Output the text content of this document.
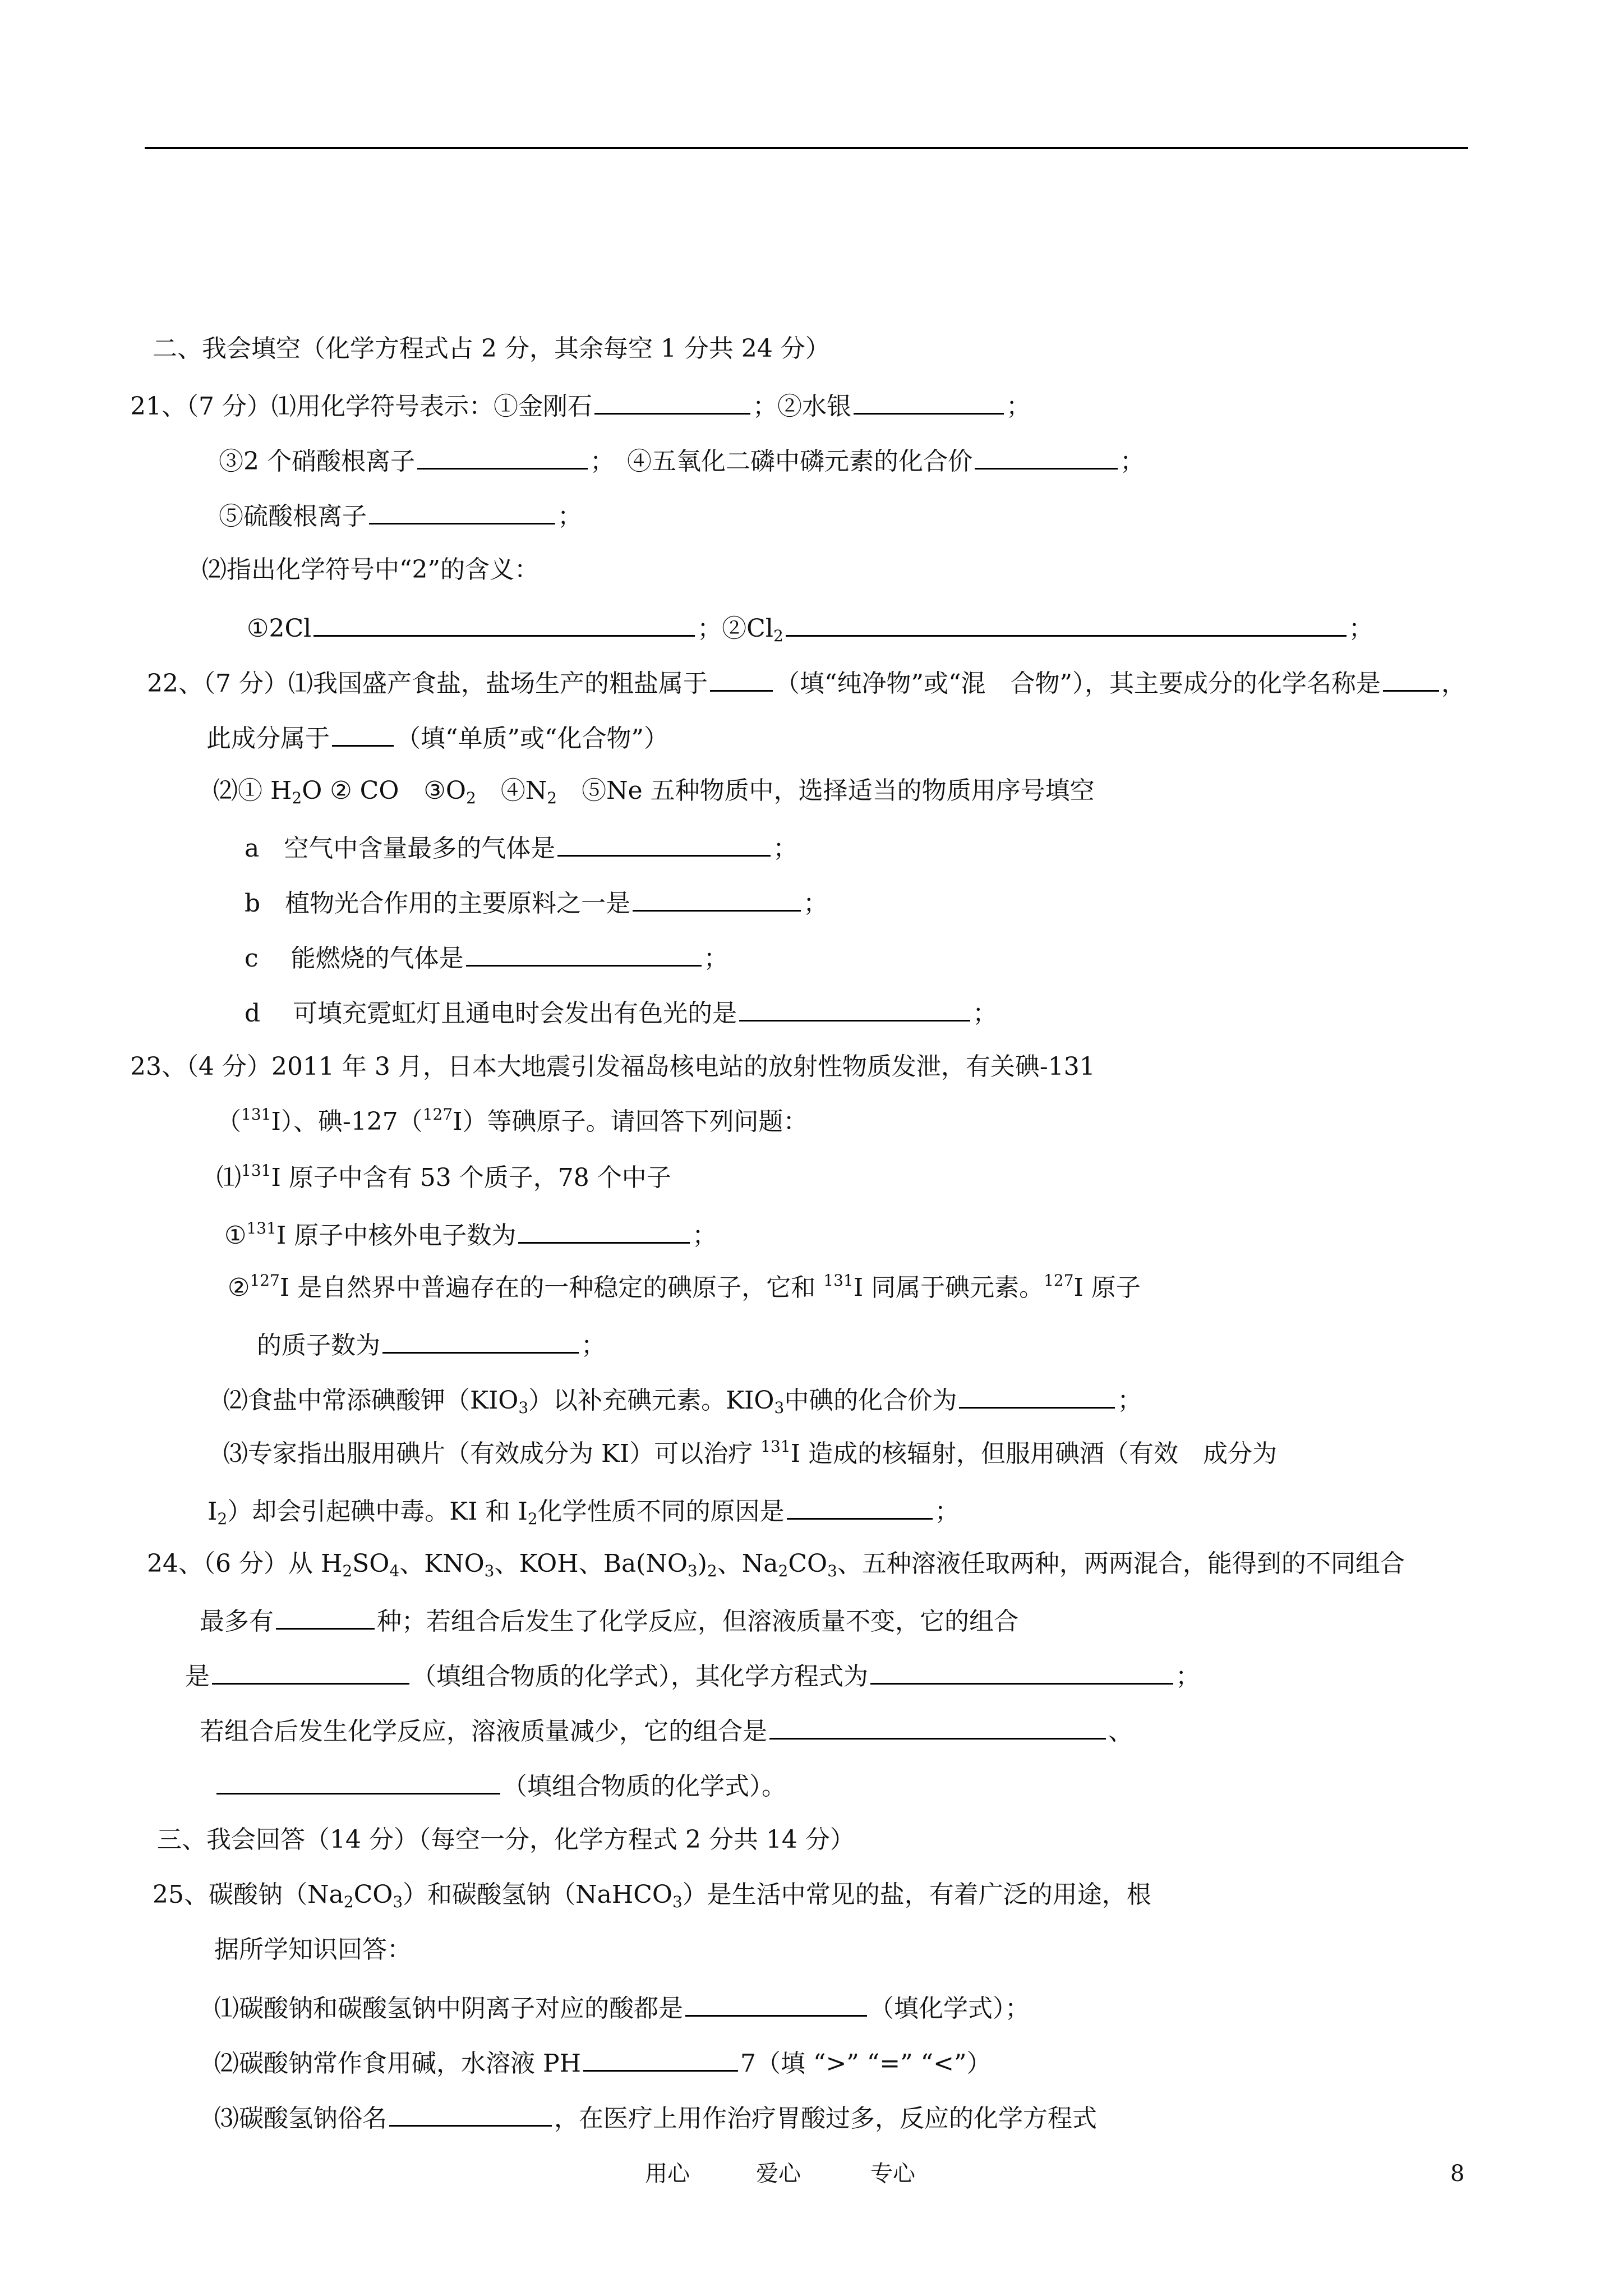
二、我会填空（化学方程式占 2 分，其余每空 1 分共 24 分）
21、（7 分）⑴用化学符号表示：①金刚石	；②水银	；
③2 个硝酸根离子	；　④五氧化二磷中磷元素的化合价	；
⑤硫酸根离子	；
⑵指出化学符号中“2”的含义：
①2Cl	；$②Cl_2$	；
22、（7 分）⑴我国盛产食盐，盐场生产的粗盐属于	（填“纯净物”或“混　合物”），其主要成分的化学名称是 ，
此成分属于	（填“单质”或“化合物”）
⑵① $H_2O$ ② CO　$③O_2$　$④N_2$　⑤Ne 五种物质中，选择适当的物质用序号填空
a　空气中含量最多的气体是	；
b　植物光合作用的主要原料之一是	；
c　 能燃烧的气体是	；
d　 可填充霓虹灯且通电时会发出有色光的是	；
23、（4 分）2011 年 3 月，日本大地震引发福岛核电站的放射性物质发泄，有关碘-131
（$^{131}$I）、碘-127（$^{127}$I）等碘原子。请回答下列问题：
⑴$^{131}$I 原子中含有 53 个质子，78 个中子
①$^{131}$I 原子中核外电子数为	；
②$^{127}$I 是自然界中普遍存在的一种稳定的碘原子，它和 $^{131}$I 同属于碘元素。$^{127}$I 原子
的质子数为	；
⑵食盐中常添碘酸钾$(KIO_3)$以补充碘元素。$KIO_3$中碘的化合价为	；
⑶专家指出服用碘片（有效成分为 KI）可以治疗 $^{131}$I 造成的核辐射，但服用碘酒（有效　成分为
$I_2$）却会引起碘中毒。KI 和 $I_2$化学性质不同的原因是	；
24、（6 分）从 $H_2SO_4$、$KNO_3$、KOH、$Ba(NO_3)_2$、$Na_2CO_3$、五种溶液任取两种，两两混合，能得到的不同组合
最多有	种；若组合后发生了化学反应，但溶液质量不变，它的组合
是	（填组合物质的化学式），其化学方程式为	；
若组合后发生化学反应，溶液质量减少，它的组合是	、
（填组合物质的化学式）。
三、我会回答（14 分）（每空一分，化学方程式 2 分共 14 分）
25、碳酸钠$(Na_2CO_3)$和碳酸氢钠（NaHCO$_3$）是生活中常见的盐，有着广泛的用途，根
据所学知识回答：
⑴碳酸钠和碳酸氢钠中阴离子对应的酸都是	（填化学式）；
⑵碳酸钠常作食用碱，水溶液 PH	7（填 “>” “=” “<”）
⑶碳酸氢钠俗名	，在医疗上用作治疗胃酸过多，反应的化学方程式
用心	爱心	专心	8
